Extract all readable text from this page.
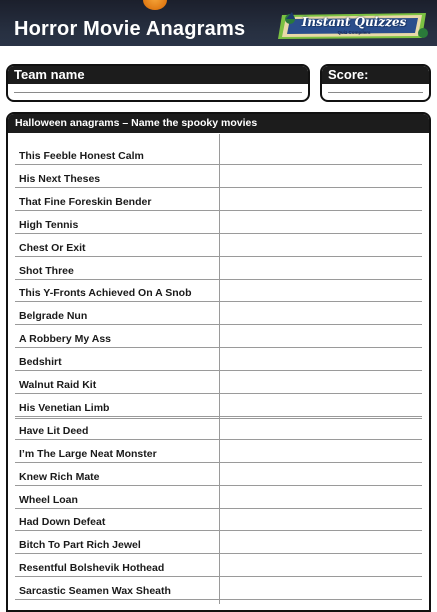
Horror Movie Anagrams	Instant Quizzes
Quiz Compilers
Team name	Score:
Halloween anagrams – Name the spooky movies
This Feeble Honest Calm
His Next Theses
That Fine Foreskin Bender
High Tennis
Chest Or Exit
Shot Three
This Y-Fronts Achieved On A Snob
Belgrade Nun
A Robbery My Ass
Bedshirt
Walnut Raid Kit
His Venetian Limb
Have Lit Deed
I’m The Large Neat Monster
Knew Rich Mate
Wheel Loan
Had Down Defeat
Bitch To Part Rich Jewel
Resentful Bolshevik Hothead
Sarcastic Seamen Wax Sheath
